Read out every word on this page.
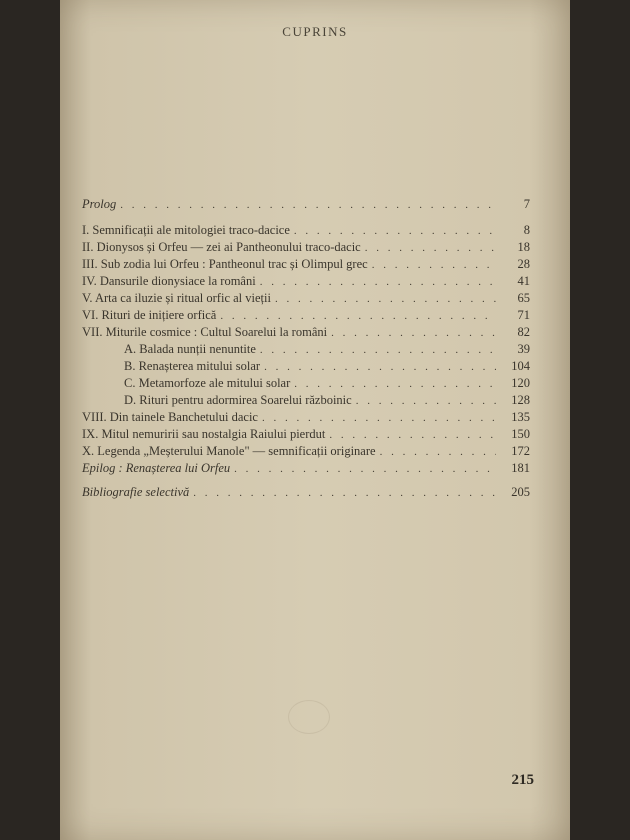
CUPRINS
Prolog . . .	7
I. Semnificații ale mitologiei traco-dacice . . .	8
II. Dionysos și Orfeu — zei ai Pantheonului traco-dacic . . .	18
III. Sub zodia lui Orfeu : Pantheonul trac și Olimpul grec . . .	28
IV. Dansurile dionysiace la români . . .	41
V. Arta ca iluzie și ritual orfic al vieții . . .	65
VI. Rituri de inițiere orfică . . .	71
VII. Miturile cosmice : Cultul Soarelui la români . . .	82
A. Balada nunții nenuntite . . .	39
B. Renașterea mitului solar . . .	104
C. Metamorfoze ale mitului solar . . .	120
D. Rituri pentru adormirea Soarelui războinic . . .	128
VIII. Din tainele Banchetului dacic . . .	135
IX. Mitul nemuririi sau nostalgia Raiului pierdut . . .	150
X. Legenda „Meșterului Manole" — semnificații originare . . .	172
Epilog : Renașterea lui Orfeu . . .	181
Bibliografie selectivă . . .	205
215
